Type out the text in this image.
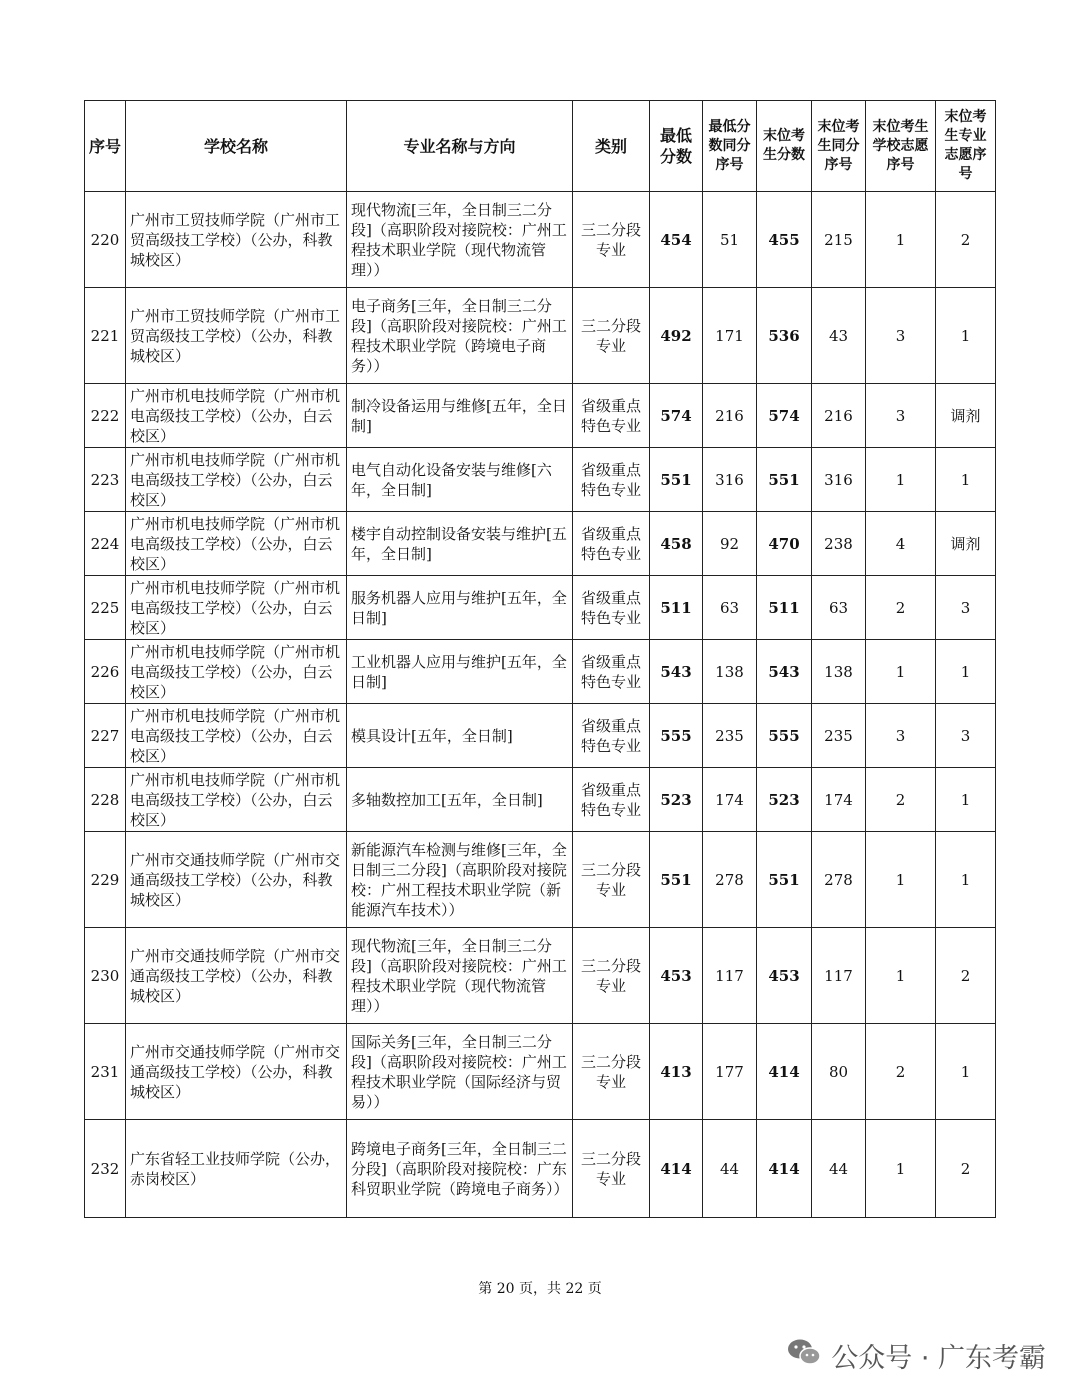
序号	学校名称	专业名称与方向	类别	最低分数	最低分数同分序号	末位考生分数	末位考生同分序号	末位考生学校志愿序号	末位考生专业志愿序号
220	广州市工贸技师学院（广州市工贸高级技工学校）（公办，科教城校区）	现代物流[三年，全日制三二分段]（高职阶段对接院校：广州工程技术职业学院（现代物流管理））	三二分段专业	454	51	455	215	1	2
221	广州市工贸技师学院（广州市工贸高级技工学校）（公办，科教城校区）	电子商务[三年，全日制三二分段]（高职阶段对接院校：广州工程技术职业学院（跨境电子商务））	三二分段专业	492	171	536	43	3	1
222	广州市机电技师学院（广州市机电高级技工学校）（公办，白云校区）	制冷设备运用与维修[五年，全日制]	省级重点特色专业	574	216	574	216	3	调剂
223	广州市机电技师学院（广州市机电高级技工学校）（公办，白云校区）	电气自动化设备安装与维修[六年，全日制]	省级重点特色专业	551	316	551	316	1	1
224	广州市机电技师学院（广州市机电高级技工学校）（公办，白云校区）	楼宇自动控制设备安装与维护[五年，全日制]	省级重点特色专业	458	92	470	238	4	调剂
225	广州市机电技师学院（广州市机电高级技工学校）（公办，白云校区）	服务机器人应用与维护[五年，全日制]	省级重点特色专业	511	63	511	63	2	3
226	广州市机电技师学院（广州市机电高级技工学校）（公办，白云校区）	工业机器人应用与维护[五年，全日制]	省级重点特色专业	543	138	543	138	1	1
227	广州市机电技师学院（广州市机电高级技工学校）（公办，白云校区）	模具设计[五年，全日制]	省级重点特色专业	555	235	555	235	3	3
228	广州市机电技师学院（广州市机电高级技工学校）（公办，白云校区）	多轴数控加工[五年，全日制]	省级重点特色专业	523	174	523	174	2	1
229	广州市交通技师学院（广州市交通高级技工学校）（公办，科教城校区）	新能源汽车检测与维修[三年，全日制三二分段]（高职阶段对接院校：广州工程技术职业学院（新能源汽车技术））	三二分段专业	551	278	551	278	1	1
230	广州市交通技师学院（广州市交通高级技工学校）（公办，科教城校区）	现代物流[三年，全日制三二分段]（高职阶段对接院校：广州工程技术职业学院（现代物流管理））	三二分段专业	453	117	453	117	1	2
231	广州市交通技师学院（广州市交通高级技工学校）（公办，科教城校区）	国际关务[三年，全日制三二分段]（高职阶段对接院校：广州工程技术职业学院（国际经济与贸易））	三二分段专业	413	177	414	80	2	1
232	广东省轻工业技师学院（公办，赤岗校区）	跨境电子商务[三年，全日制三二分段]（高职阶段对接院校：广东科贸职业学院（跨境电子商务））	三二分段专业	414	44	414	44	1	2
第 20 页，共 22 页
公众号 · 广东考霸
